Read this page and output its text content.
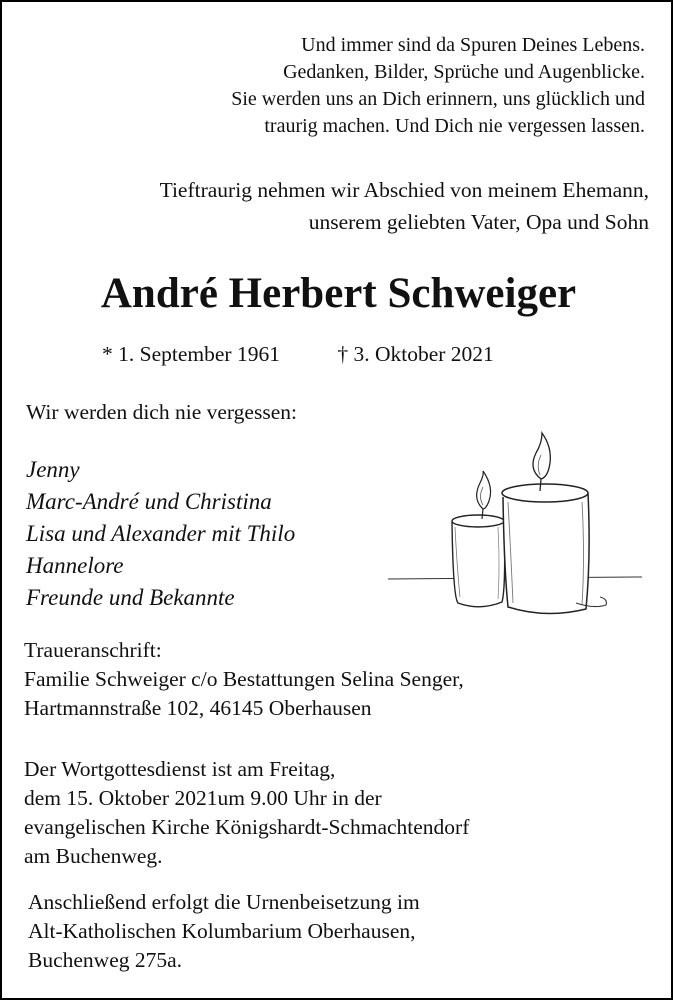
Und immer sind da Spuren Deines Lebens.
Gedanken, Bilder, Sprüche und Augenblicke.
Sie werden uns an Dich erinnern, uns glücklich und
traurig machen. Und Dich nie vergessen lassen.
Tieftraurig nehmen wir Abschied von meinem Ehemann,
unserem geliebten Vater, Opa und Sohn
André Herbert Schweiger
* 1. September 1961	† 3. Oktober 2021
Wir werden dich nie vergessen:
Jenny
Marc-André und Christina
Lisa und Alexander mit Thilo
Hannelore
Freunde und Bekannte
Traueranschrift:
Familie Schweiger c/o Bestattungen Selina Senger,
Hartmannstraße 102, 46145 Oberhausen
Der Wortgottesdienst ist am Freitag,
dem 15. Oktober 2021um 9.00 Uhr in der
evangelischen Kirche Königshardt-Schmachtendorf
am Buchenweg.
Anschließend erfolgt die Urnenbeisetzung im
Alt-Katholischen Kolumbarium Oberhausen,
Buchenweg 275a.
